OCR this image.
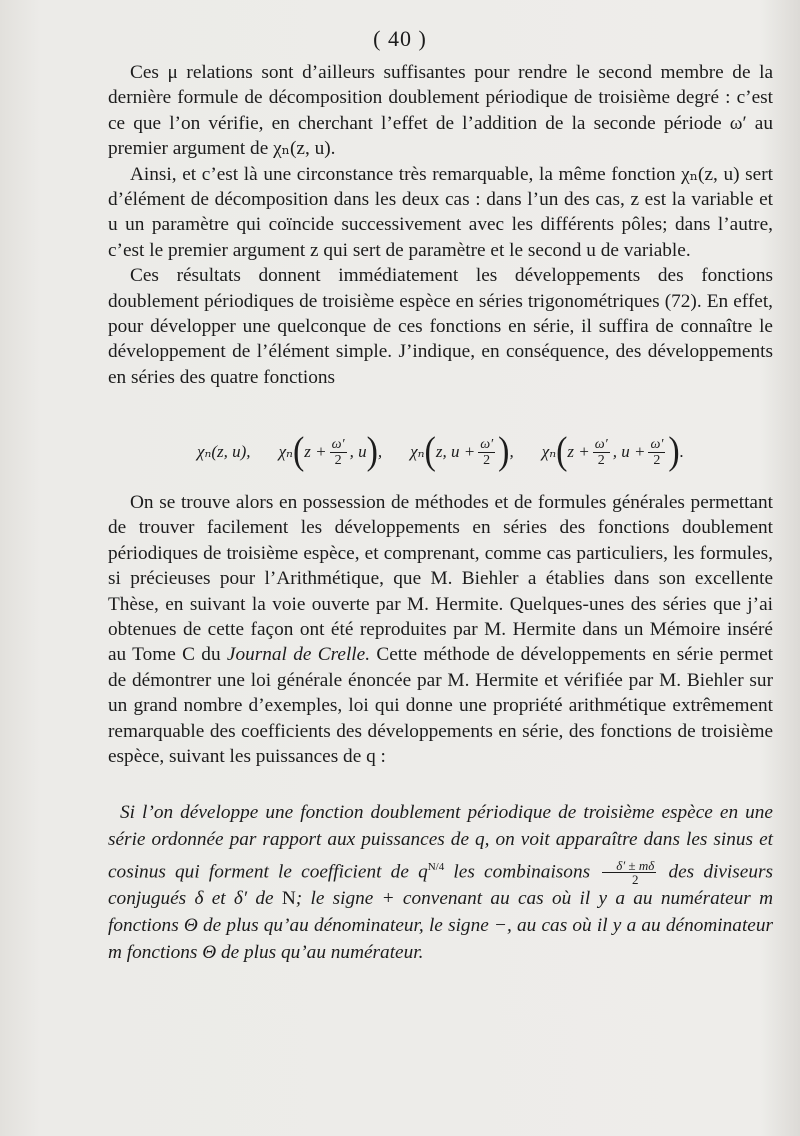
( 40 )

Ces μ relations sont d’ailleurs suffisantes pour rendre le second membre de la dernière formule de décomposition doublement périodique de troisième degré : c’est ce que l’on vérifie, en cherchant l’effet de l’addition de la seconde période ω′ au premier argument de χₙ(z, u).

Ainsi, et c’est là une circonstance très remarquable, la même fonction χₙ(z, u) sert d’élément de décomposition dans les deux cas : dans l’un des cas, z est la variable et u un paramètre qui coïncide successivement avec les différents pôles; dans l’autre, c’est le premier argument z qui sert de paramètre et le second u de variable.

Ces résultats donnent immédiatement les développements des fonctions doublement périodiques de troisième espèce en séries trigonométriques (72). En effet, pour développer une quelconque de ces fonctions en série, il suffira de connaître le développement de l’élément simple. J’indique, en conséquence, des développements en séries des quatre fonctions

χₙ(z, u), χₙ ( $z + \frac{\omega'}{2}$ , u ) , χₙ ( z, $u + \frac{\omega'}{2}$ ) , χₙ ( $z + \frac{\omega'}{2}$ , $u + \frac{\omega'}{2}$ ) .

On se trouve alors en possession de méthodes et de formules générales permettant de trouver facilement les développements en séries des fonctions doublement périodiques de troisième espèce, et comprenant, comme cas particuliers, les formules, si précieuses pour l’Arithmétique, que M. Biehler a établies dans son excellente Thèse, en suivant la voie ouverte par M. Hermite. Quelques-unes des séries que j’ai obtenues de cette façon ont été reproduites par M. Hermite dans un Mémoire inséré au Tome C du Journal de Crelle. Cette méthode de développements en série permet de démontrer une loi générale énoncée par M. Hermite et vérifiée par M. Biehler sur un grand nombre d’exemples, loi qui donne une propriété arithmétique extrêmement remarquable des coefficients des développements en série, des fonctions de troisième espèce, suivant les puissances de q :

Si l’on développe une fonction doublement périodique de troisième espèce en une série ordonnée par rapport aux puissances de q, on voit apparaître dans les sinus et cosinus qui forment le coefficient de $q^{N/4}$ les combinaisons $\frac{\delta' \pm m\delta}{2}$ des diviseurs conjugués δ et δ′ de N; le signe + convenant au cas où il y a au numérateur m fonctions Θ de plus qu’au dénominateur, le signe −, au cas où il y a au dénominateur m fonctions Θ de plus qu’au numérateur.
